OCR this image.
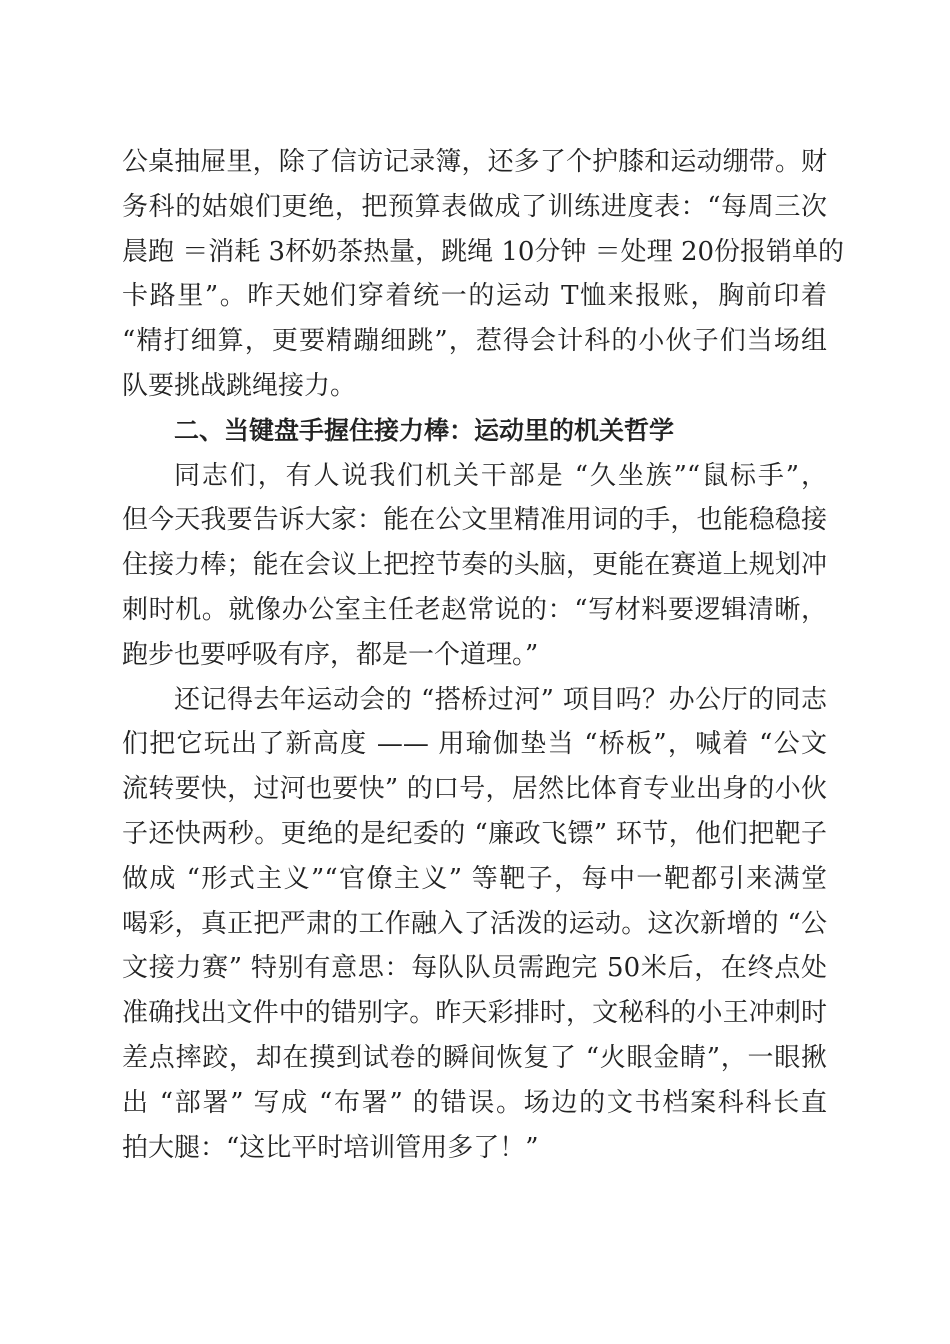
公桌抽屉里，除了信访记录簿，还多了个护膝和运动绷带。财
务科的姑娘们更绝，把预算表做成了训练进度表：“每周三次
晨跑 ＝消耗 3杯奶茶热量，跳绳 10分钟 ＝处理 20份报销单的
卡路里”。昨天她们穿着统一的运动 T恤来报账，胸前印着
“精打细算，更要精蹦细跳”，惹得会计科的小伙子们当场组
队要挑战跳绳接力。
二、当键盘手握住接力棒：运动里的机关哲学
同志们，有人说我们机关干部是 “久坐族”“鼠标手”，
但今天我要告诉大家：能在公文里精准用词的手，也能稳稳接
住接力棒；能在会议上把控节奏的头脑，更能在赛道上规划冲
刺时机。就像办公室主任老赵常说的：“写材料要逻辑清晰，
跑步也要呼吸有序，都是一个道理。”
还记得去年运动会的 “搭桥过河” 项目吗？办公厅的同志
们把它玩出了新高度 —— 用瑜伽垫当 “桥板”，喊着 “公文
流转要快，过河也要快” 的口号，居然比体育专业出身的小伙
子还快两秒。更绝的是纪委的 “廉政飞镖” 环节，他们把靶子
做成 “形式主义”“官僚主义” 等靶子，每中一靶都引来满堂
喝彩，真正把严肃的工作融入了活泼的运动。这次新增的 “公
文接力赛” 特别有意思：每队队员需跑完 50米后，在终点处
准确找出文件中的错别字。昨天彩排时，文秘科的小王冲刺时
差点摔跤，却在摸到试卷的瞬间恢复了 “火眼金睛”，一眼揪
出 “部署” 写成 “布署” 的错误。场边的文书档案科科长直
拍大腿：“这比平时培训管用多了！”
